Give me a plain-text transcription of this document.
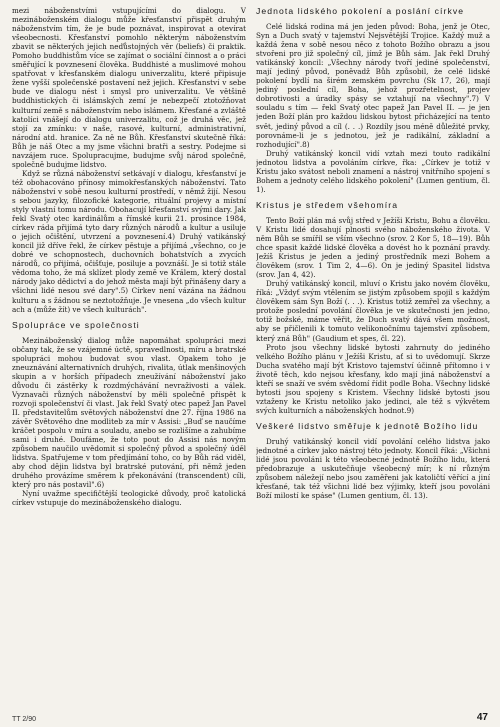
mezi náboženstvími vstupujícími do dialogu. V mezináboženském dialogu může křesťanství přispět druhým náboženstvím tím, že je bude poznávat, inspirovat a otevírat všeobecnosti. Křesťanství pomohlo některým náboženstvím zbavit se některých jejich neďůstojných věr (beliefs) či praktik. Pomoho buddhistům více se zajímat o sociální činnost a o práci směřující k povznesení člověka. Buddhisté a muslimové mohou spatřovat v křesťanském dialogu univerzalitu, které připisuje žene vyšší společenské postavení než jejich. Křesťanství v sebe bude ve dialogu nést i smysl pro univerzalitu. Ve většině buddhistických či islámských zemí je nebezpečí ztotožňovat kulturní země s náboženstvím nebo islámem. Křesťané a zvláště katolíci vnášejí do dialogu univerzalitu, což je druhá věc, jež stojí za zmínku: v naše, rasové, kulturní, administrativní, národní atd. hranice. Za ně ne Bůh. Křesťanství skutečně říká: Bůh je náš Otec a my jsme všichni bratři a sestry. Podejme si navzájem ruce. Spolupracujme, budujme svůj národ společně, společně budujme lidstvo.

Když se různá náboženství setkávají v dialogu, křesťanství je též obohacováno přínosy mimokřesťanských náboženství. Tato náboženství v sobě nesou kulturní prostředí, v němž žijí. Nesou s sebou jazyky, filozofické kategorie, rituální projevy a místní styly vlastní tomu národu. Obohacují křesťanství svými dary. Jak řekl Svatý otec kardinálům a římské kurii 21. prosince 1984, církev ráda přijímá tyto dary různých národů a kultur a usiluje o jejich očištění, utvrzení a povznesení.4) Druhý vatikánský koncil již dříve řekl, že církev pěstuje a přijímá „všechno, co je dobré ve schopnostech, duchovních bohatstvích a zvycích národů, co přijímá, očišťuje, posiluje a povznáší. Je si totiž stále vědoma toho, že má sklízet plody země ve Králem, který dostal národy jako dědictví a do jehož města mají být přinášeny dary a všichni lidé nesou své dary".5) Církev není vázána na žádnou kulturu a s žádnou se neztotožňuje. Je vnesena „do všech kultur ach a (může žít) ve všech kulturách".

Spolupráce ve společnosti

Mezináboženský dialog může napomáhat spolupráci mezi občany tak, že se vzájemné úctě, spravedlnosti, míru a bratrské spolupráci mohou budovat svou vlast. Opakem toho je zneuznávání alternativních druhých, rivalita, útlak menšinových skupin a v horších případech zneužívání náboženství jako důvodu či zástěrky k rozdmýchávání nevraživosti a válek. Vyznavači různých náboženství by měli společně přispět k rozvoji společenství či vlast. Jak řekl Svatý otec papež Jan Pavel II. představitelům světových náboženství dne 27. října 1986 na závěr Světového dne modliteb za mír v Assisi: „Buď se naučíme kráčet pospolu v míru a souladu, anebo se rozlišíme a zahubíme sami i druhé. Doufáme, že toto pout do Assisi nás novým způsobem naučilo uvědomit si společný původ a společný úděl lidstva. Spatřujeme v tom předjímání toho, co by Bůh rád viděl, aby chod dějin lidstva byl bratrské putování, při němž jeden druhého provázíme směrem k překonávání (transcendent) cíli, který pro nás postavil".6)

Nyní uvažme specifičtější teologické důvody, proč katolická církev vstupuje do mezináboženského dialogu.

Jednota lidského pokolení a poslání církve

Celé lidská rodina má jen jeden původ: Boha, jenž je Otec, Syn a Duch svatý v tajemství Nejsvětější Trojice. Každý muž a každá žena v sobě nesou něco z tohoto Božího obrazu a jsou stvořeni pro již společný cíl, jímž je Bůh sám. Jak řekl Druhý vatikánský koncil: „Všechny národy tvoří jediné společenství, mají jediný původ, poněvadž Bůh způsobil, že celé lidské pokolení bydlí na širém zemském povrchu (Sk 17, 26), mají jediný poslední cíl, Boha, jehož prozřetelnost, projev dobrotivosti a úradky spásy se vztahují na všechny".7) V souladu s tím — řekl Svatý otec papež Jan Pavel II. — je jen jeden Boží plán pro každou lidskou bytost přicházející na tento svět, jediný původ a cíl (. . .) Rozdíly jsou méně důležité prvky, porovnáme-li je s jednotou, jež je radikální, základní a rozhodující".8)

Druhý vatikánský koncil vidí vztah mezi touto radikální jednotou lidstva a povoláním církve, řka: „Církev je totiž v Kristu jako svátost neboli znamení a nástroj vnitřního spojení s Bohem a jednoty celého lidského pokolení" (Lumen gentium, čl. 1).

Kristus je středem všehomíra

Tento Boží plán má svůj střed v Ježíši Kristu, Bohu a člověku. V Kristu lidé dosahují plnosti svého náboženského života. V něm Bůh se smířil se vším všechno (srov. 2 Kor 5, 18—19). Bůh chce spasit každé lidské člověka a dovést ho k poznání pravdy. Ježíš Kristus je jeden a jediný prostředník mezi Bohem a člověkem (srov. 1 Tim 2, 4—6). On je jediný Spasitel lidstva (srov. Jan 4, 42).

Druhý vatikánský koncil, mluví o Kristu jako novém člověku, říká: „Vždyť svým vtělením se jistým způsobem spojil s každým člověkem sám Syn Boží (. . .). Kristus totiž zemřel za všechny, a protože poslední povolání člověka je ve skutečnosti jen jedno, totiž božské, máme věřit, že Duch svatý dává všem možnost, aby se přičlenili k tomuto velikonočnímu tajemství způsobem, který zná Bůh" (Gaudium et spes, čl. 22).

Proto jsou všechny lidské bytosti zahrnuty do jediného velkého Božího plánu v Ježíši Kristu, ať si to uvědomují. Skrze Ducha svatého mají být Kristovo tajemství účinně přítomno i v životě těch, kdo nejsou křesťany, kdo mají jiná náboženství a kteří se snaží ve svém svědomí řídit podle Boha. Všechny lidské bytosti jsou spojeny s Kristem. Všechny lidské bytosti jsou vztaženy ke Kristu netoliko jako jedinci, ale též s výkvětem svých kulturních a náboženských hodnot.9)

Veškeré lidstvo směřuje k jednotě Božího lidu

Druhý vatikánský koncil vidí povolání celého lidstva jako jednotné a církev jako nástroj této jednoty. Koncil říká: „Všichni lidé jsou povoláni k této všeobecné jednotě Božího lidu, která předobrazuje a uskutečňuje všeobecný mír; k ní různým způsobem náležejí nebo jsou zaměřeni jak katoličtí věřící a jiní křesťané, tak též všichni lidé bez výjimky, kteří jsou povoláni Boží milostí ke spáse" (Lumen gentium, čl. 13).

TT 2/90	47
